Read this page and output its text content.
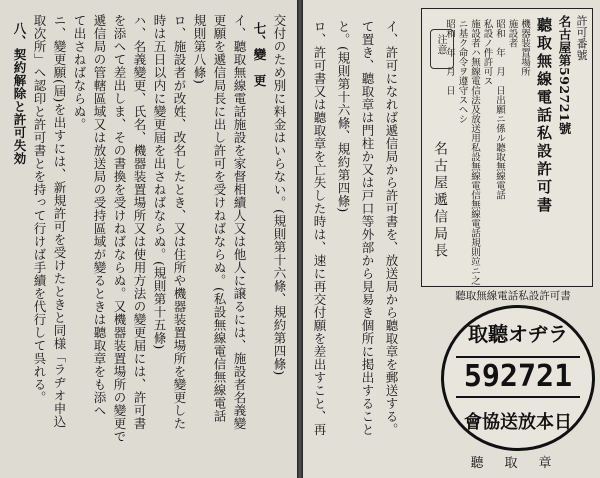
交付のため別に料金はいらない。(規則第十六條、規約第四條)
七、變　更
イ、聽取無線電話施設を家督相續人又は他人に譲るには、施設者名義變
更願を遞信局長に出し許可を受けねばならぬ。(私設無線電信無線電話
規則第八條)
ロ、施設者が改姓、改名したとき、又は住所や機器装置場所を變更した
時は五日以内に變更屆を出さねばならぬ。(規則第十五條)
ハ、名義變更、氏名、機器装置場所又は使用方法の變更届には、許可書
を添へて差出しま、その書換を受けねばならぬ。又機器装置場所の變更で
遞信局の管轄區域又は放送局の受持區域が變るときは聽取章をも添へ
て出さねばならぬ。
ニ、變更願(屆)を出すには、新規許可を受けたときと同様「ラヂオ申込
取次所」へ認印と許可書とを持って行けば手續を代行して呉れる。
八、契約解除と許可失効	ロ、許可書又は聽取章を亡失した時は、速に再交付願を差出すこと、再 と。(規則第十六條、規約第四條) て置き、聽取章は門柱か又は戸口等外部から見易き個所に掲出すること イ、許可になれば遞信局から許可書を、放送局から聽取章を郵送する。	許可番號
名古屋第592721號
聽取無線電話私設許可書
機器装置場所
施設者
昭和　年　月　日出願ニ係ル聽取無線電話
私設ノ件許可ス
施設者ハ無線電信法及放送用私設無線電信無線電話規則竝ニ之
ニ基ク命令ヲ遵守スヘシ
昭和　年　月　日
注意
名古屋遞信局長
書可許設私話電線無取聽
ラヂオ聽取
592721
日本放送協會
聽　取　章
